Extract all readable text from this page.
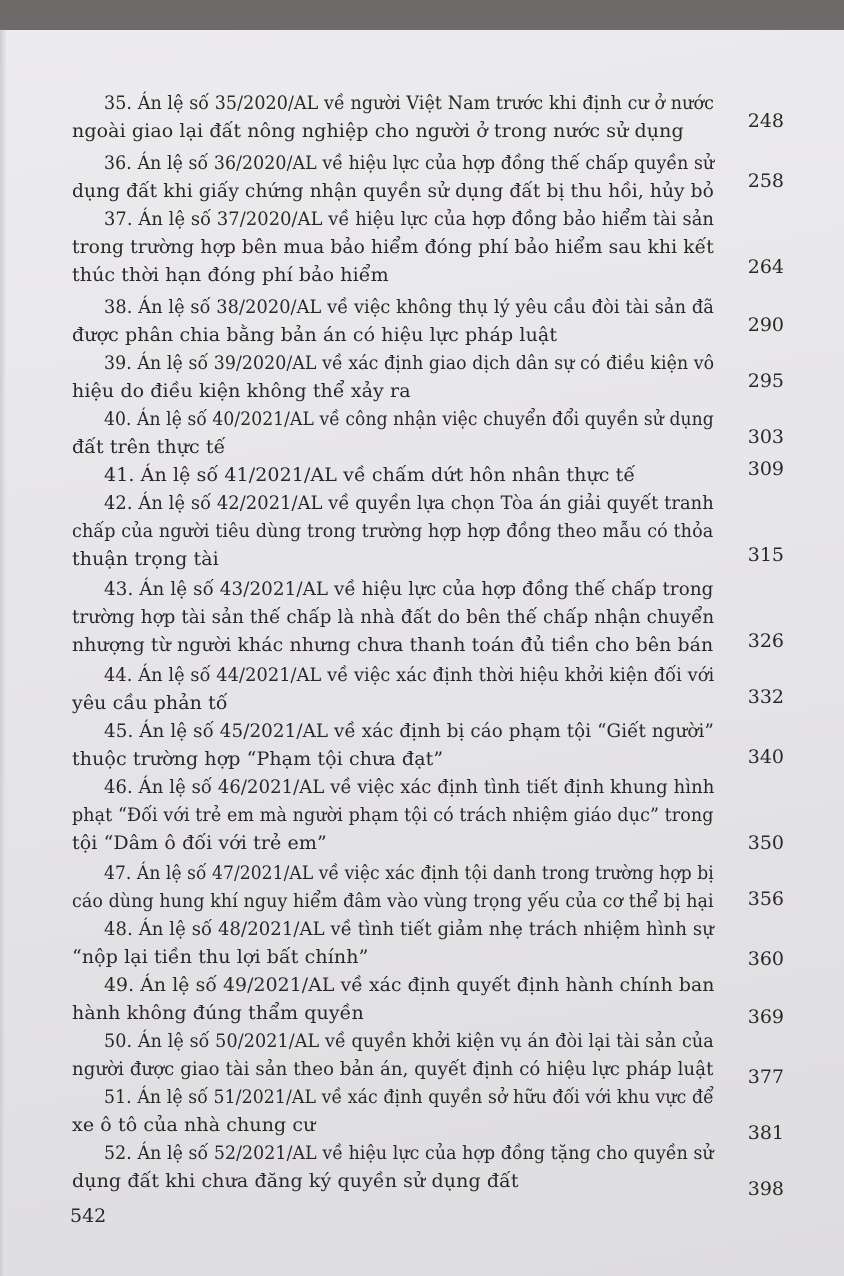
35. Án lệ số 35/2020/AL về người Việt Nam trước khi định cư ở nước
ngoài giao lại đất nông nghiệp cho người ở trong nước sử dụng	248
36. Án lệ số 36/2020/AL về hiệu lực của hợp đồng thế chấp quyền sử
dụng đất khi giấy chứng nhận quyền sử dụng đất bị thu hồi, hủy bỏ	258
37. Án lệ số 37/2020/AL về hiệu lực của hợp đồng bảo hiểm tài sản
trong trường hợp bên mua bảo hiểm đóng phí bảo hiểm sau khi kết
thúc thời hạn đóng phí bảo hiểm	264
38. Án lệ số 38/2020/AL về việc không thụ lý yêu cầu đòi tài sản đã
được phân chia bằng bản án có hiệu lực pháp luật	290
39. Án lệ số 39/2020/AL về xác định giao dịch dân sự có điều kiện vô
hiệu do điều kiện không thể xảy ra	295
40. Án lệ số 40/2021/AL về công nhận việc chuyển đổi quyền sử dụng
đất trên thực tế	303
41. Án lệ số 41/2021/AL về chấm dứt hôn nhân thực tế	309
42. Án lệ số 42/2021/AL về quyền lựa chọn Tòa án giải quyết tranh
chấp của người tiêu dùng trong trường hợp hợp đồng theo mẫu có thỏa
thuận trọng tài	315
43. Án lệ số 43/2021/AL về hiệu lực của hợp đồng thế chấp trong
trường hợp tài sản thế chấp là nhà đất do bên thế chấp nhận chuyển
nhượng từ người khác nhưng chưa thanh toán đủ tiền cho bên bán	326
44. Án lệ số 44/2021/AL về việc xác định thời hiệu khởi kiện đối với
yêu cầu phản tố	332
45. Án lệ số 45/2021/AL về xác định bị cáo phạm tội “Giết người”
thuộc trường hợp “Phạm tội chưa đạt”	340
46. Án lệ số 46/2021/AL về việc xác định tình tiết định khung hình
phạt “Đối với trẻ em mà người phạm tội có trách nhiệm giáo dục” trong
tội “Dâm ô đối với trẻ em”	350
47. Án lệ số 47/2021/AL về việc xác định tội danh trong trường hợp bị
cáo dùng hung khí nguy hiểm đâm vào vùng trọng yếu của cơ thể bị hại	356
48. Án lệ số 48/2021/AL về tình tiết giảm nhẹ trách nhiệm hình sự
“nộp lại tiền thu lợi bất chính”	360
49. Án lệ số 49/2021/AL về xác định quyết định hành chính ban
hành không đúng thẩm quyền	369
50. Án lệ số 50/2021/AL về quyền khởi kiện vụ án đòi lại tài sản của
người được giao tài sản theo bản án, quyết định có hiệu lực pháp luật	377
51. Án lệ số 51/2021/AL về xác định quyền sở hữu đối với khu vực để
xe ô tô của nhà chung cư	381
52. Án lệ số 52/2021/AL về hiệu lực của hợp đồng tặng cho quyền sử
dụng đất khi chưa đăng ký quyền sử dụng đất	398
542
